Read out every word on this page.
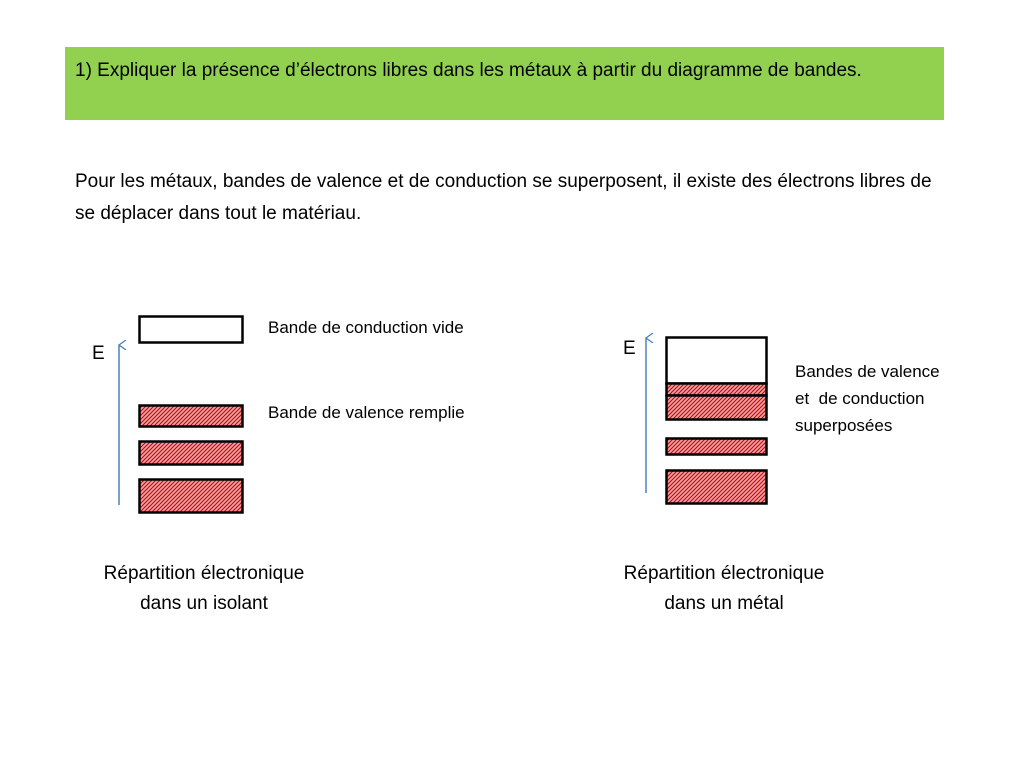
1) Expliquer la présence d’électrons libres dans les métaux à partir du diagramme de bandes.
Pour les métaux, bandes de valence et de conduction se superposent, il existe des électrons libres de se déplacer dans tout le matériau.
E
Bande de conduction vide
Bande de valence remplie
Répartition électronique
dans un isolant
E
Bandes de valence
et  de conduction
superposées
Répartition électronique
dans un métal
